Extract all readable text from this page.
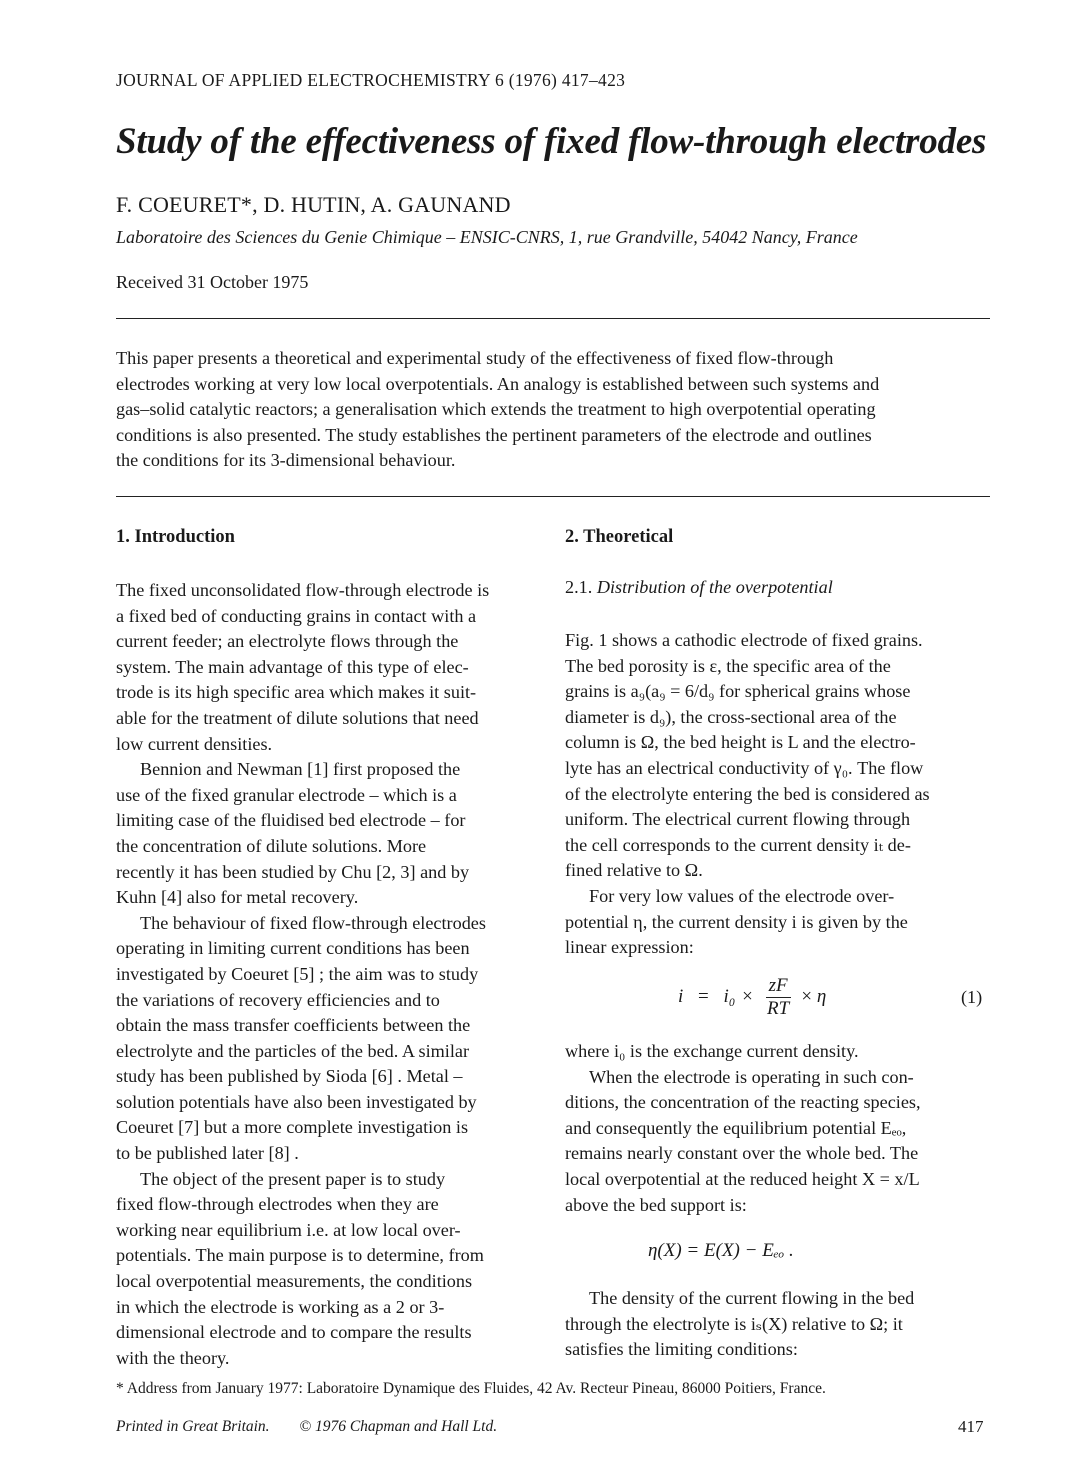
JOURNAL OF APPLIED ELECTROCHEMISTRY 6 (1976) 417–423
Study of the effectiveness of fixed flow-through electrodes
F. COEURET*, D. HUTIN, A. GAUNAND
Laboratoire des Sciences du Genie Chimique – ENSIC-CNRS, 1, rue Grandville, 54042 Nancy, France
Received 31 October 1975
This paper presents a theoretical and experimental study of the effectiveness of fixed flow-through
electrodes working at very low local overpotentials. An analogy is established between such systems and
gas–solid catalytic reactors; a generalisation which extends the treatment to high overpotential operating
conditions is also presented. The study establishes the pertinent parameters of the electrode and outlines
the conditions for its 3-dimensional behaviour.
1. Introduction
The fixed unconsolidated flow-through electrode is
a fixed bed of conducting grains in contact with a
current feeder; an electrolyte flows through the
system. The main advantage of this type of elec-
trode is its high specific area which makes it suit-
able for the treatment of dilute solutions that need
low current densities.
Bennion and Newman [1] first proposed the
use of the fixed granular electrode – which is a
limiting case of the fluidised bed electrode – for
the concentration of dilute solutions. More
recently it has been studied by Chu [2, 3] and by
Kuhn [4] also for metal recovery.
The behaviour of fixed flow-through electrodes
operating in limiting current conditions has been
investigated by Coeuret [5] ; the aim was to study
the variations of recovery efficiencies and to
obtain the mass transfer coefficients between the
electrolyte and the particles of the bed. A similar
study has been published by Sioda [6] . Metal –
solution potentials have also been investigated by
Coeuret [7] but a more complete investigation is
to be published later [8] .
The object of the present paper is to study
fixed flow-through electrodes when they are
working near equilibrium i.e. at low local over-
potentials. The main purpose is to determine, from
local overpotential measurements, the conditions
in which the electrode is working as a 2 or 3-
dimensional electrode and to compare the results
with the theory.
2. Theoretical
2.1. Distribution of the overpotential
Fig. 1 shows a cathodic electrode of fixed grains.
The bed porosity is ε, the specific area of the
grains is a₉(a₉ = 6/d₉ for spherical grains whose
diameter is d₉), the cross-sectional area of the
column is Ω, the bed height is L and the electro-
lyte has an electrical conductivity of γ₀. The flow
of the electrolyte entering the bed is considered as
uniform. The electrical current flowing through
the cell corresponds to the current density iₜ de-
fined relative to Ω.
For very low values of the electrode over-
potential η, the current density i is given by the
linear expression:
$i = i_0 \times \frac{zF}{RT} \times \eta$	(1)
where i₀ is the exchange current density.
When the electrode is operating in such con-
ditions, the concentration of the reacting species,
and consequently the equilibrium potential Eₑₒ,
remains nearly constant over the whole bed. The
local overpotential at the reduced height X = x/L
above the bed support is:
η(X) = E(X) − Eₑₒ .
The density of the current flowing in the bed
through the electrolyte is iₛ(X) relative to Ω; it
satisfies the limiting conditions:
* Address from January 1977: Laboratoire Dynamique des Fluides, 42 Av. Recteur Pineau, 86000 Poitiers, France.
Printed in Great Britain. © 1976 Chapman and Hall Ltd.	417
